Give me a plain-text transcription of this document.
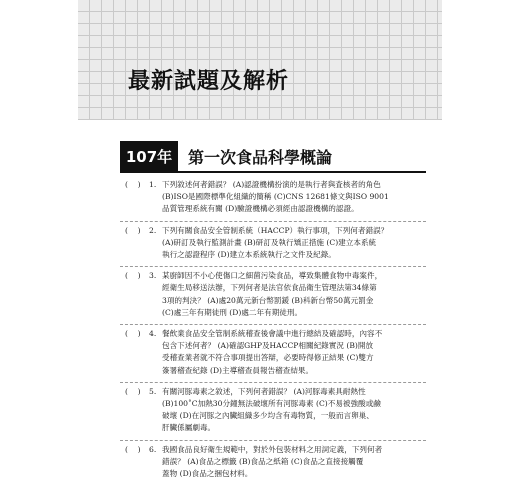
最新試題及解析
107年 第一次食品科學概論
(    ) 1. 下列敘述何者錯誤？ (A)認證機構扮演的是執行者與査核者的角色
(B)ISO是國際標準化組織的簡稱 (C)CNS 12681條文與ISO 9001
品質管理系統有關 (D)驗證機構必須經由認證機構的認證。
(    ) 2. 下列有關食品安全管制系統（HACCP）執行事項，下列何者錯誤？
(A)研訂及執行監測計畫 (B)研訂及執行矯正措施 (C)建立本系統
執行之認證程序 (D)建立本系統執行之文件及紀錄。
(    ) 3. 某廚師因不小心使傷口之細菌污染食品，導致集體食物中毒案件，
經衛生局移送法辦，下列何者是法官依食品衛生管理法第34條第
3項的判決？ (A)處20萬元新台幣罰鍰 (B)科新台幣50萬元罰金
(C)處三年有期徒刑 (D)處二年有期徒刑。
(    ) 4. 餐飲業食品安全管制系統稽查後會議中進行總結及確認時，內容不
包含下述何者？ (A)確認GHP及HACCP相關紀錄實況 (B)開放
受稽查業者就不符合事項提出答辯，必要時得修正結果 (C)雙方
簽署稽查紀錄 (D)主導稽查員報告稽查結果。
(    ) 5. 有關河豚毒素之敘述，下列何者錯誤？ (A)河豚毒素具耐熱性
(B)100˚C加熱30分鐘無法破壞所有河豚毒素 (C)不易被強酸或鹼
破壞 (D)在河豚之內臟組織多少均含有毒物質，一般而言卵巢、
肝臟係屬劇毒。
(    ) 6. 我國食品良好衛生規範中，對於外包裝材料之用詞定義，下列何者
錯誤？ (A)食品之標籤 (B)食品之紙箱 (C)食品之直接接觸覆
蓋物 (D)食品之捆包材料。
